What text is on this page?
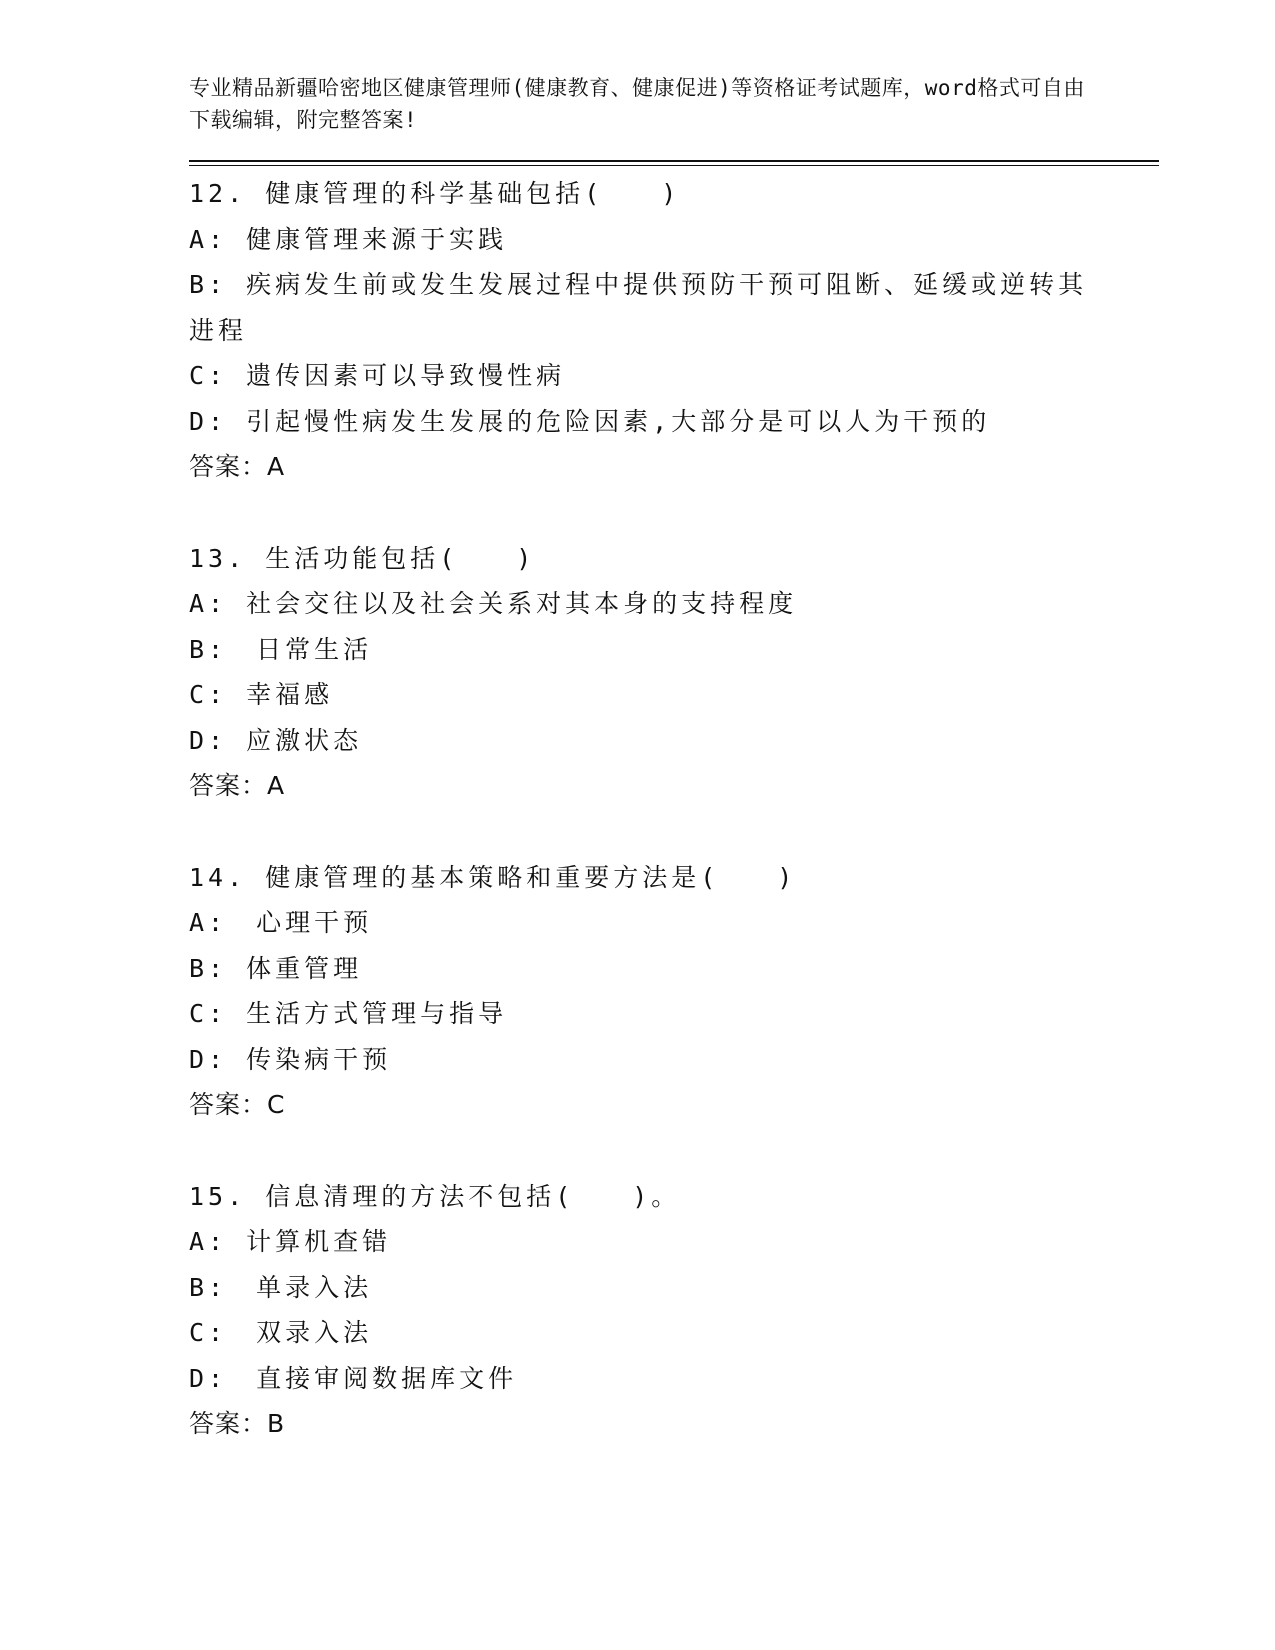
专业精品新疆哈密地区健康管理师(健康教育、健康促进)等资格证考试题库，word格式可自由下载编辑，附完整答案!

12. 健康管理的科学基础包括(　　)

A: 健康管理来源于实践

B: 疾病发生前或发生发展过程中提供预防干预可阻断、延缓或逆转其进程

C: 遗传因素可以导致慢性病

D: 引起慢性病发生发展的危险因素,大部分是可以人为干预的

答案：A

13. 生活功能包括(　　)

A: 社会交往以及社会关系对其本身的支持程度

B:　日常生活

C: 幸福感

D: 应激状态

答案：A

14. 健康管理的基本策略和重要方法是(　　)

A:　心理干预

B: 体重管理

C: 生活方式管理与指导

D: 传染病干预

答案：C

15. 信息清理的方法不包括(　　)。

A: 计算机查错

B:　单录入法

C:　双录入法

D:　直接审阅数据库文件

答案：B
